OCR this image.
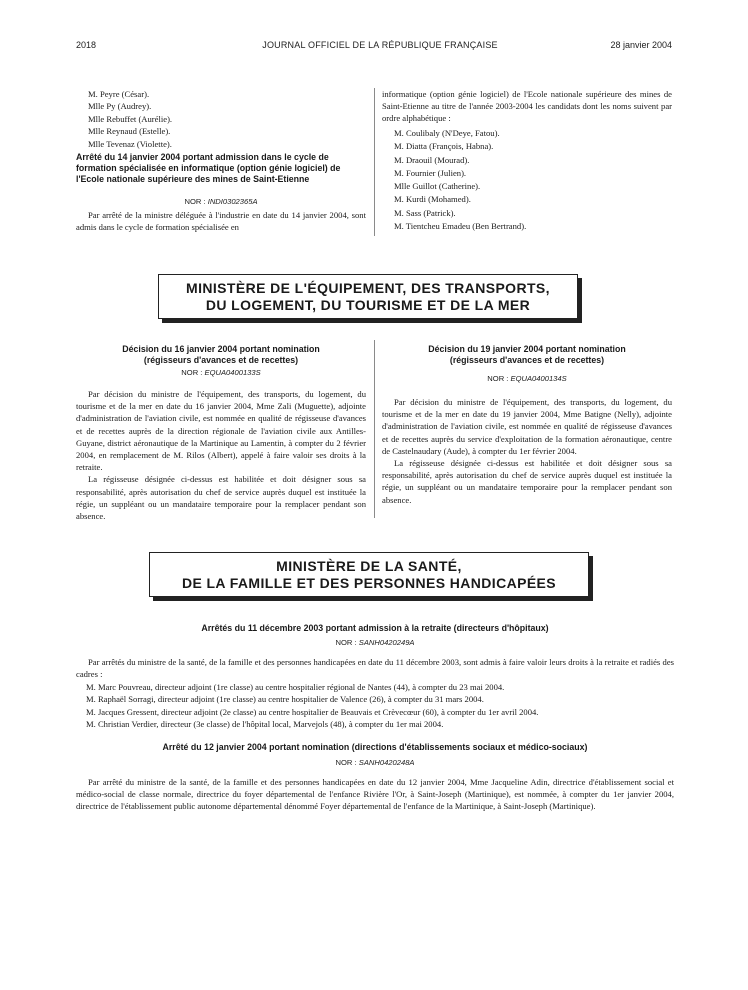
2018	JOURNAL OFFICIEL DE LA RÉPUBLIQUE FRANÇAISE	28 janvier 2004
M. Peyre (César).
Mlle Py (Audrey).
Mlle Rebuffet (Aurélie).
Mlle Reynaud (Estelle).
Mlle Tevenaz (Violette).
Arrêté du 14 janvier 2004 portant admission dans le cycle de formation spécialisée en informatique (option génie logiciel) de l'Ecole nationale supérieure des mines de Saint-Etienne
NOR : INDI0302365A
Par arrêté de la ministre déléguée à l'industrie en date du 14 janvier 2004, sont admis dans le cycle de formation spécialisée en
informatique (option génie logiciel) de l'Ecole nationale supérieure des mines de Saint-Etienne au titre de l'année 2003-2004 les candidats dont les noms suivent par ordre alphabétique :
M. Coulibaly (N'Deye, Fatou).
M. Diatta (François, Habna).
M. Draouil (Mourad).
M. Fournier (Julien).
Mlle Guillot (Catherine).
M. Kurdi (Mohamed).
M. Sass (Patrick).
M. Tientcheu Emadeu (Ben Bertrand).
MINISTÈRE DE L'ÉQUIPEMENT, DES TRANSPORTS,
DU LOGEMENT, DU TOURISME ET DE LA MER
Décision du 16 janvier 2004 portant nomination
(régisseurs d'avances et de recettes)
NOR : EQUA0400133S

Par décision du ministre de l'équipement, des transports, du logement, du tourisme et de la mer en date du 16 janvier 2004, Mme Zali (Muguette), adjointe d'administration de l'aviation civile, est nommée en qualité de régisseuse d'avances et de recettes auprès de la direction régionale de l'aviation civile aux Antilles-Guyane, district aéronautique de la Martinique au Lamentin, à compter du 2 février 2004, en remplacement de M. Rilos (Albert), appelé à faire valoir ses droits à la retraite.

La régisseuse désignée ci-dessus est habilitée et doit désigner sous sa responsabilité, après autorisation du chef de service auprès duquel est instituée la régie, un suppléant ou un mandataire temporaire pour la remplacer pendant son absence.

Décision du 19 janvier 2004 portant nomination
(régisseurs d'avances et de recettes)
NOR : EQUA0400134S

Par décision du ministre de l'équipement, des transports, du logement, du tourisme et de la mer en date du 19 janvier 2004, Mme Batigne (Nelly), adjointe d'administration de l'aviation civile, est nommée en qualité de régisseuse d'avances et de recettes auprès du service d'exploitation de la formation aéronautique, centre de Castelnaudary (Aude), à compter du 1er février 2004.

La régisseuse désignée ci-dessus est habilitée et doit désigner sous sa responsabilité, après autorisation du chef de service auprès duquel est instituée la régie, un suppléant ou un mandataire temporaire pour la remplacer pendant son absence.

MINISTÈRE DE LA SANTÉ,
DE LA FAMILLE ET DES PERSONNES HANDICAPÉES
Arrêtés du 11 décembre 2003 portant admission à la retraite (directeurs d'hôpitaux)
NOR : SANH0420249A
Par arrêtés du ministre de la santé, de la famille et des personnes handicapées en date du 11 décembre 2003, sont admis à faire valoir leurs droits à la retraite et radiés des cadres :
M. Marc Pouvreau, directeur adjoint (1re classe) au centre hospitalier régional de Nantes (44), à compter du 23 mai 2004.
M. Raphaël Sorragi, directeur adjoint (1re classe) au centre hospitalier de Valence (26), à compter du 31 mars 2004.
M. Jacques Gressent, directeur adjoint (2e classe) au centre hospitalier de Beauvais et Crèvecœur (60), à compter du 1er avril 2004.
M. Christian Verdier, directeur (3e classe) de l'hôpital local, Marvejols (48), à compter du 1er mai 2004.
Arrêté du 12 janvier 2004 portant nomination (directions d'établissements sociaux et médico-sociaux)
NOR : SANH0420248A
Par arrêté du ministre de la santé, de la famille et des personnes handicapées en date du 12 janvier 2004, Mme Jacqueline Adin, directrice d'établissement social et médico-social de classe normale, directrice du foyer départemental de l'enfance Rivière l'Or, à Saint-Joseph (Martinique), est nommée, à compter du 1er janvier 2004, directrice de l'établissement public autonome départemental dénommé Foyer départemental de l'enfance de la Martinique, à Saint-Joseph (Martinique).
